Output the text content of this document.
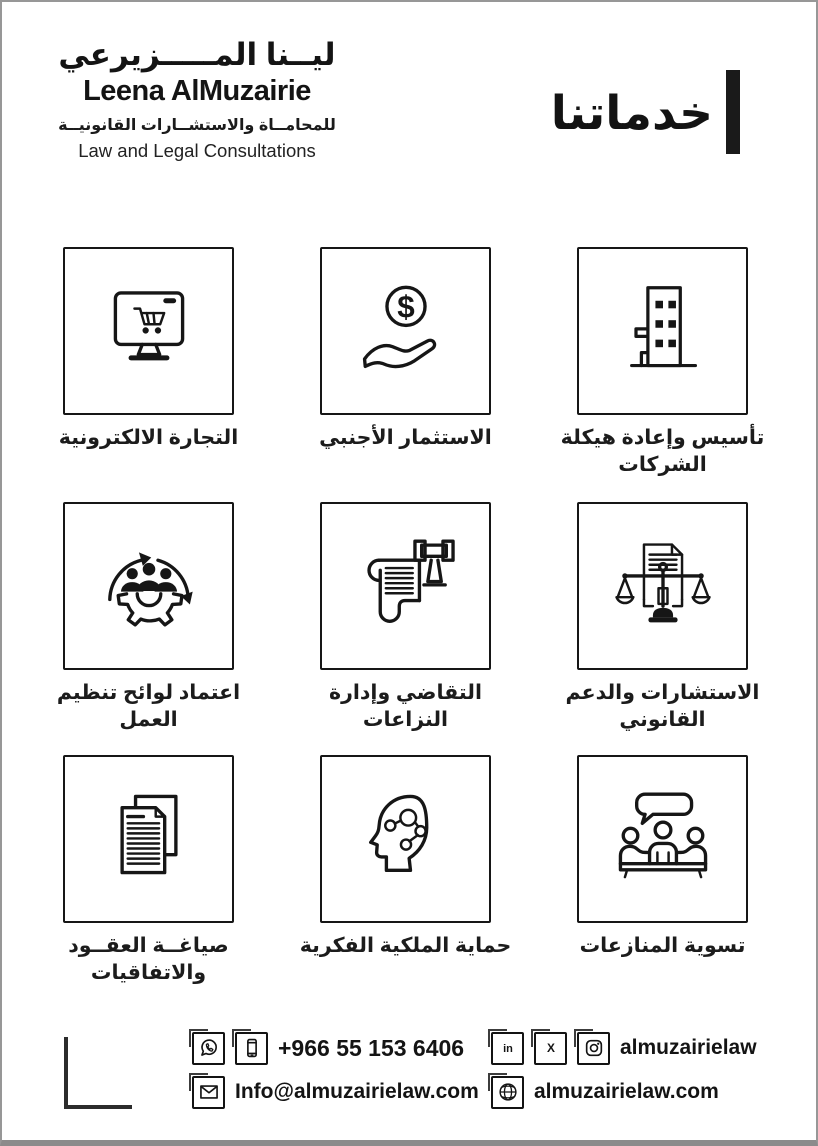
ليــنا المـــــزيرعي
Leena AlMuzairie
للمحامــاة والاستشــارات القانونيــة
Law and Legal Consultations
خدماتنا
تأسيس وإعادة هيكلة الشركات
$
الاستثمار الأجنبي
التجارة الالكترونية
الاستشارات والدعم القانوني
التقاضي وإدارة النزاعات
اعتماد لوائح تنظيم العمل
تسوية المنازعات
حماية الملكية الفكرية
صياغــة العقــود والاتفاقيات
+966 55 153 6406
Info@almuzairielaw.com
in	X	almuzairielaw
almuzairielaw.com
